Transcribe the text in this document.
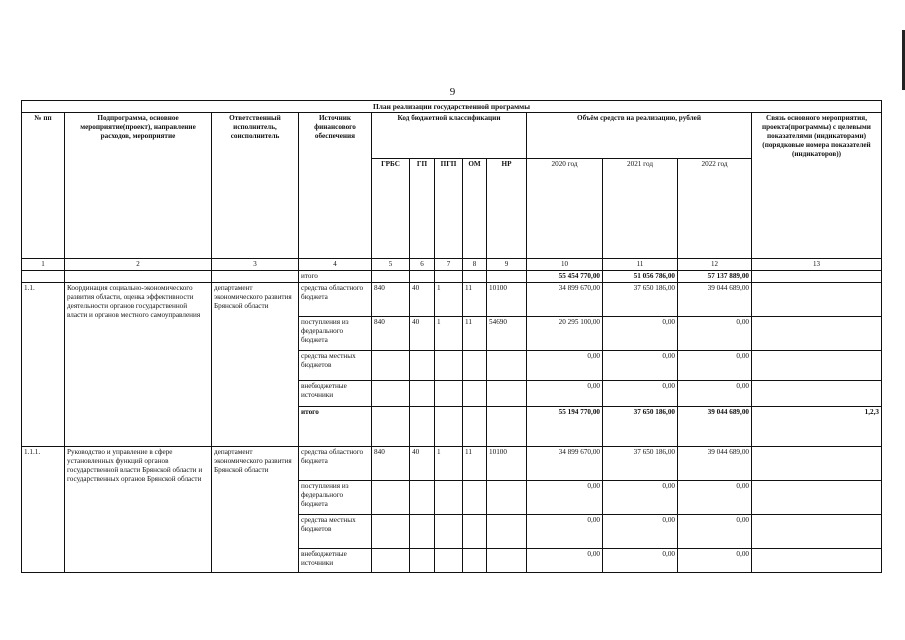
9
План реализации государственной программы												
№ пп	Подпрограмма, основное мероприятие(проект), направление расходов, мероприятие	Ответственный исполнитель, соисполнитель	Источник финансового обеспечения	Код бюджетной классификации					Объём средств на реализацию, рублей			Связь основного мероприятия, проекта(программы) с целевыми показателями (индикаторами) (порядковые номера показателей (индикаторов))
				ГРБС	ГП	ПГП	ОМ	НР	2020 год	2021 год	2022 год	
1	2	3	4	5	6	7	8	9	10	11	12	13
			итого						55 454 770,00	51 056 786,00	57 137 889,00	
1.1.	Координация социально-экономического развития области, оценка эффективности деятельности органов государственной власти и органов местного самоуправления	департамент экономического развития Брянской области	средства областного бюджета	840	40	1	11	10100	34 899 670,00	37 650 186,00	39 044 689,00	
			поступления из федерального бюджета	840	40	1	11	54690	20 295 100,00	0,00	0,00	
			средства местных бюджетов						0,00	0,00	0,00	
			внебюджетные источники						0,00	0,00	0,00	
			итого						55 194 770,00	37 650 186,00	39 044 689,00	1,2,3
1.1.1.	Руководство и управление в сфере установленных функций органов государственной власти Брянской области и государственных органов Брянской области	департамент экономического развития Брянской области	средства областного бюджета	840	40	1	11	10100	34 899 670,00	37 650 186,00	39 044 689,00	
			поступления из федерального бюджета						0,00	0,00	0,00	
			средства местных бюджетов						0,00	0,00	0,00	
			внебюджетные источники						0,00	0,00	0,00	
